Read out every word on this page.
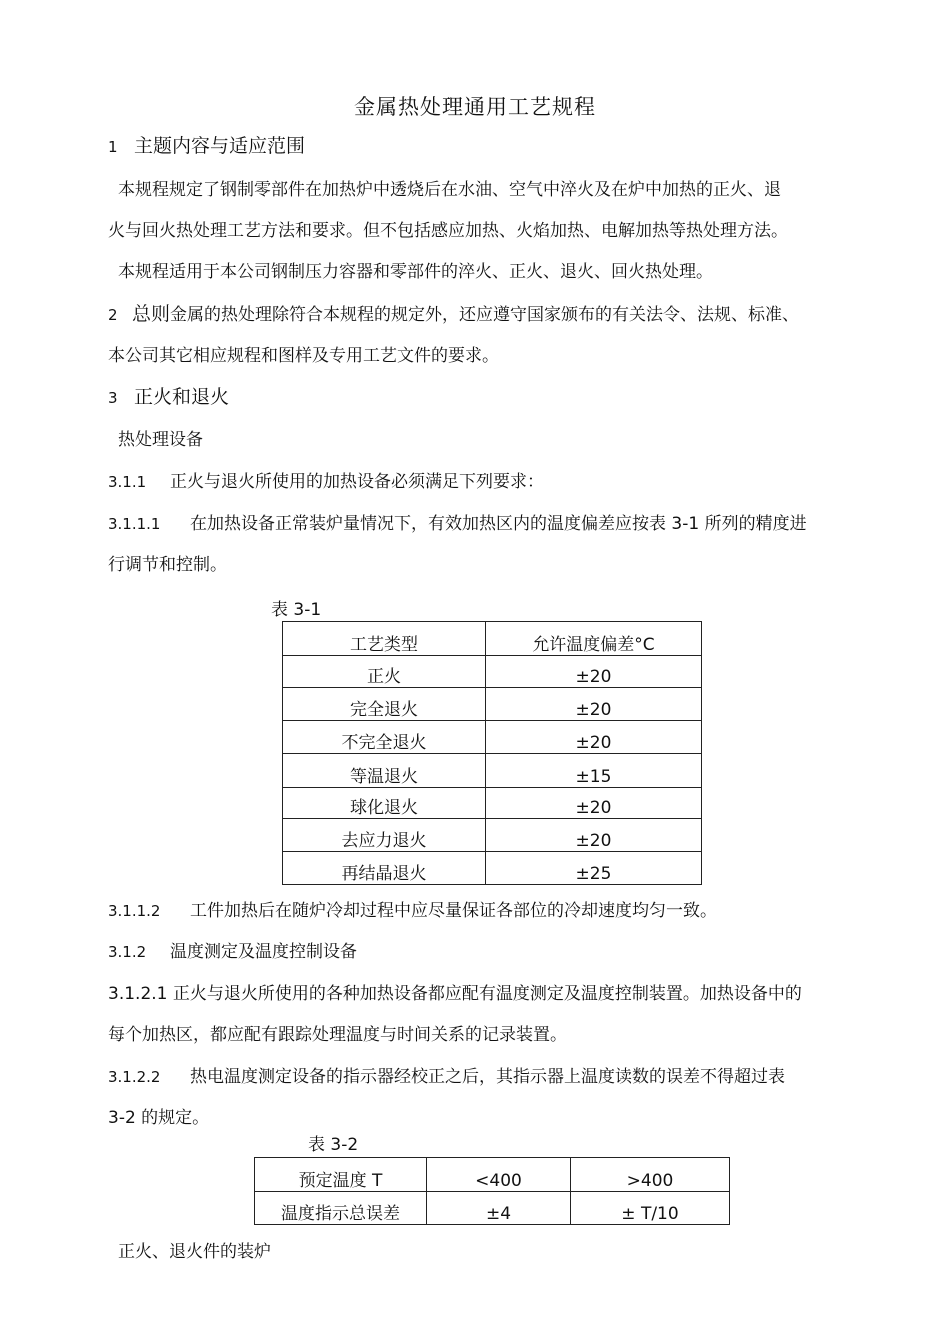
金属热处理通用工艺规程
1 主题内容与适应范围
本规程规定了钢制零部件在加热炉中透烧后在水油、空气中淬火及在炉中加热的正火、退
火与回火热处理工艺方法和要求。但不包括感应加热、火焰加热、电解加热等热处理方法。
本规程适用于本公司钢制压力容器和零部件的淬火、正火、退火、回火热处理。
2 总则金属的热处理除符合本规程的规定外，还应遵守国家颁布的有关法令、法规、标准、
本公司其它相应规程和图样及专用工艺文件的要求。
3 正火和退火
热处理设备
3.1.1 正火与退火所使用的加热设备必须满足下列要求：
3.1.1.1 在加热设备正常装炉量情况下，有效加热区内的温度偏差应按表 3-1 所列的精度进
行调节和控制。
表 3-1
工艺类型	允许温度偏差°C
正火	±20
完全退火	±20
不完全退火	±20
等温退火	±15
球化退火	±20
去应力退火	±20
再结晶退火	±25
3.1.1.2 工件加热后在随炉冷却过程中应尽量保证各部位的冷却速度均匀一致。
3.1.2 温度测定及温度控制设备
3.1.2.1 正火与退火所使用的各种加热设备都应配有温度测定及温度控制装置。加热设备中的
每个加热区，都应配有跟踪处理温度与时间关系的记录装置。
3.1.2.2 热电温度测定设备的指示器经校正之后，其指示器上温度读数的误差不得超过表
3-2 的规定。
表 3-2
预定温度 T	<400	>400
温度指示总误差	±4	± T/10
正火、退火件的装炉
